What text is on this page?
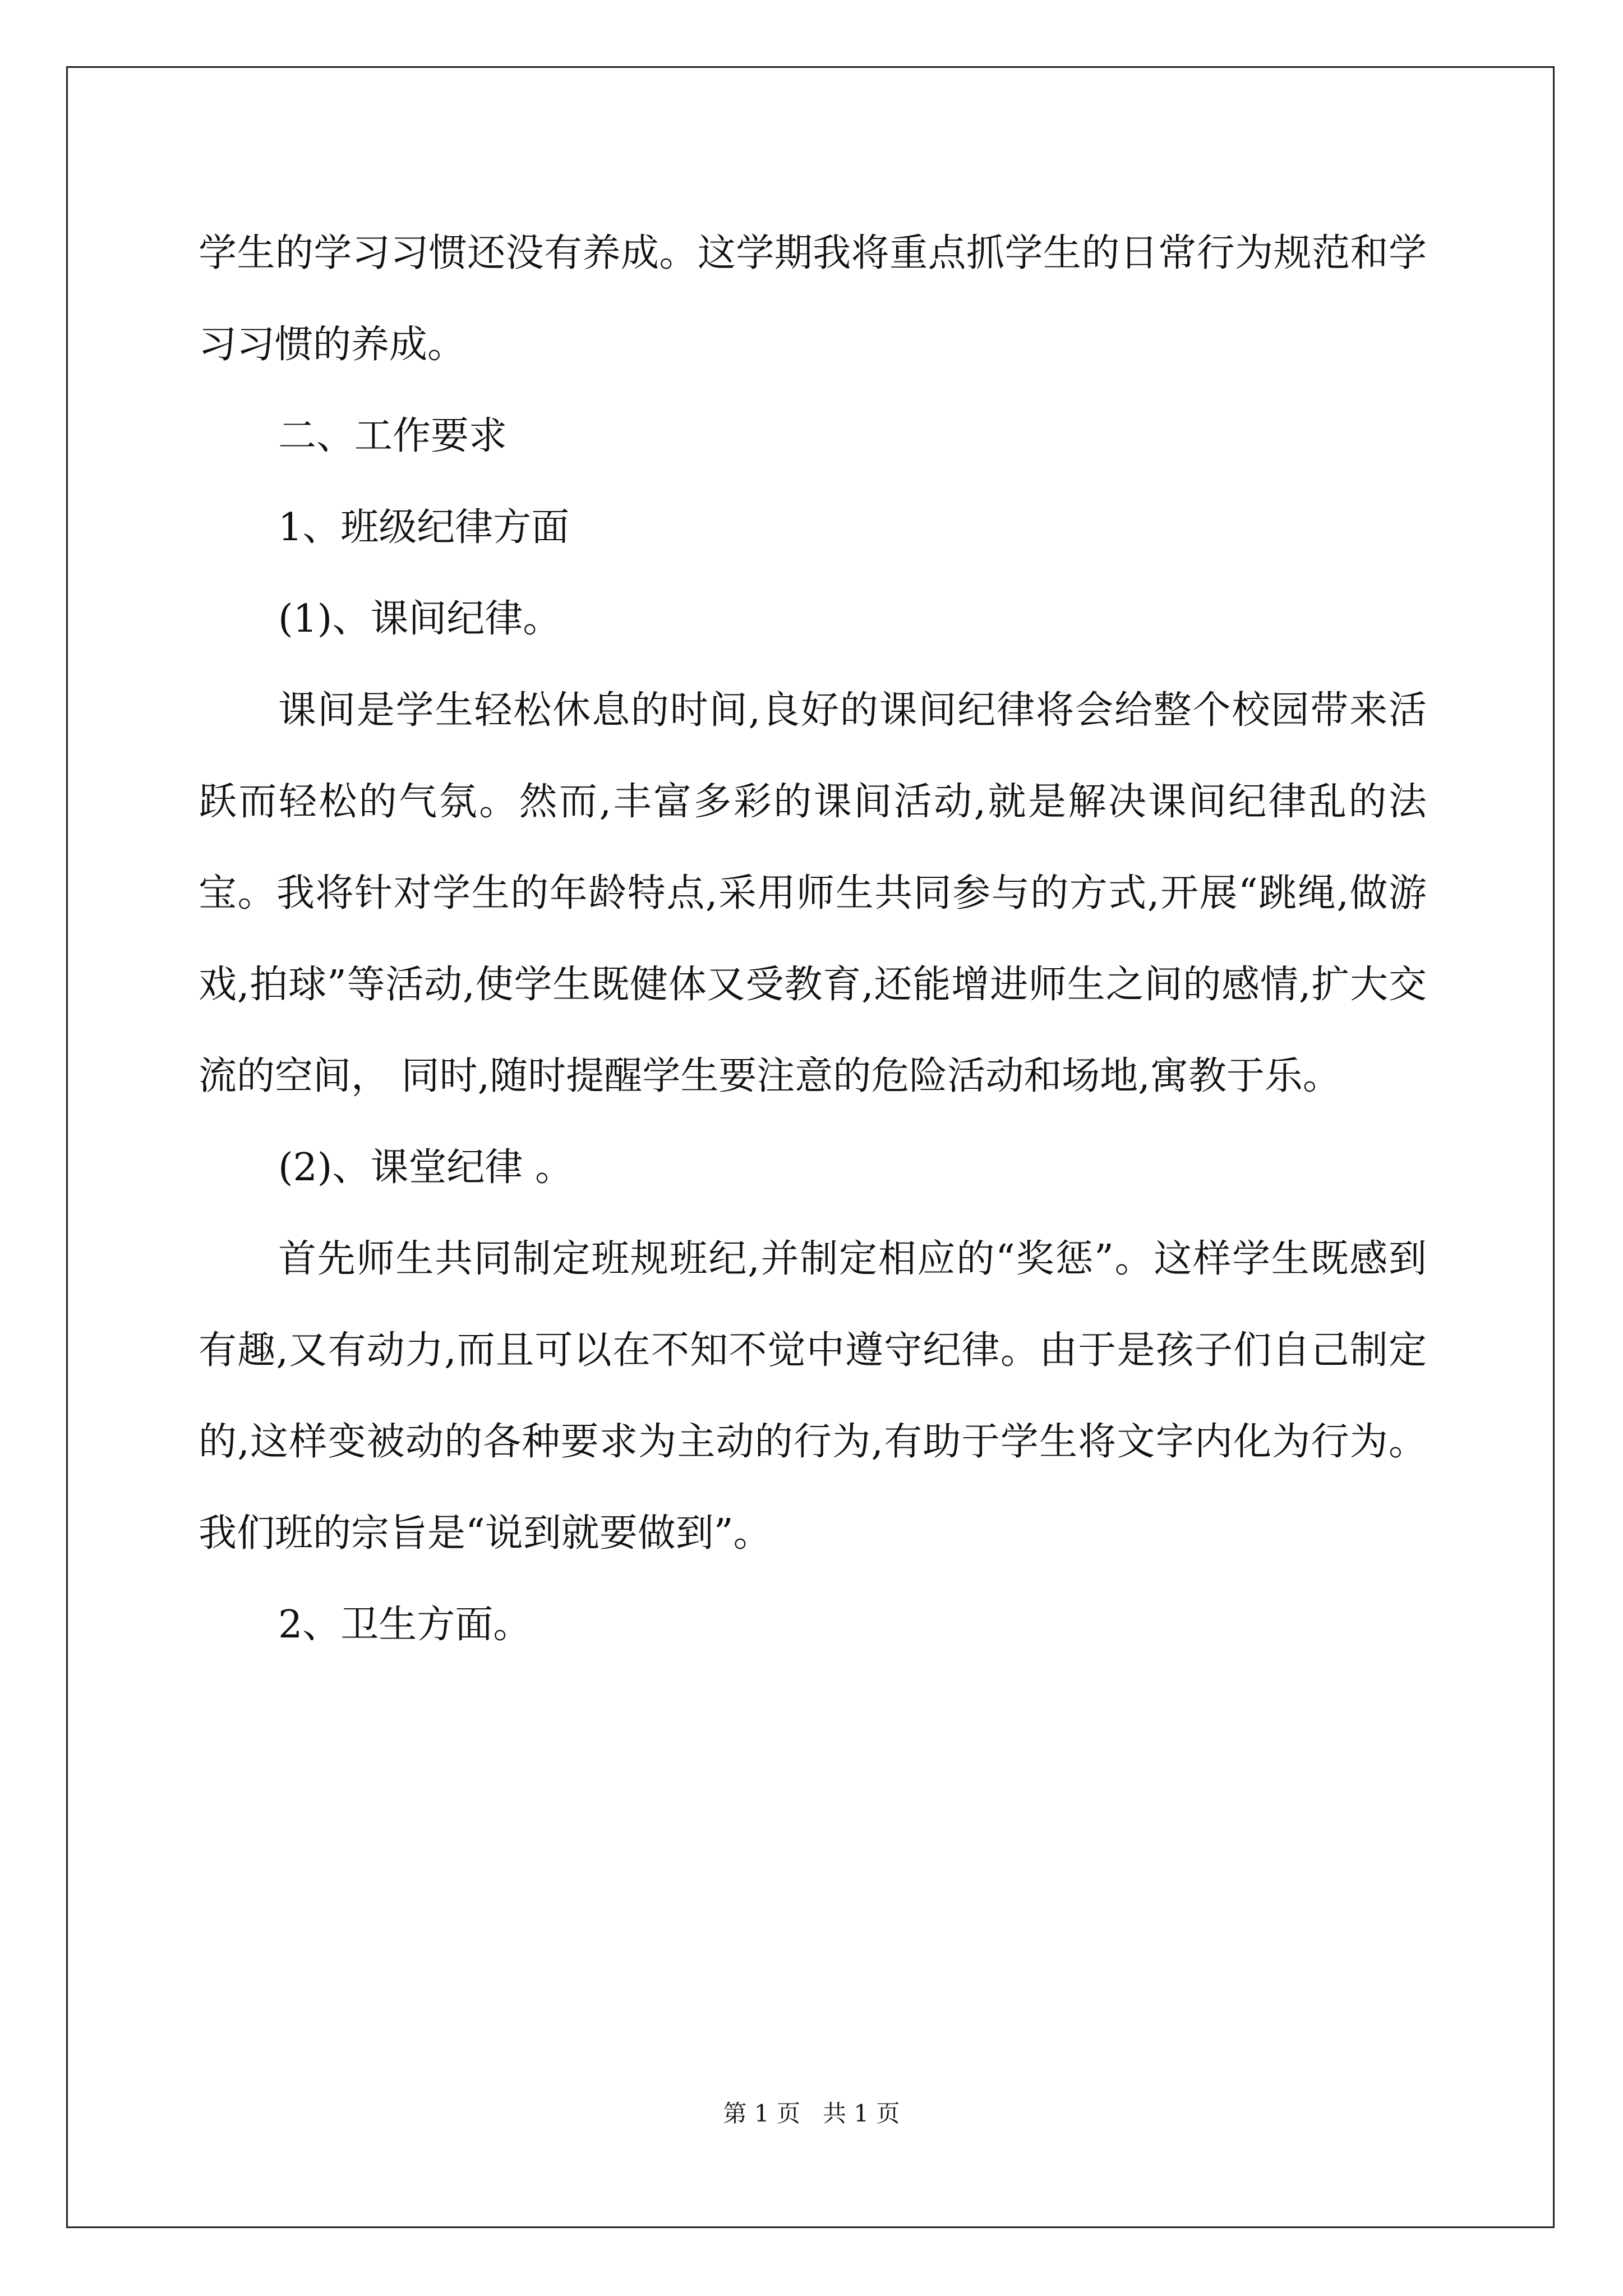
学生的学习习惯还没有养成。这学期我将重点抓学生的日常行为规范和学习习惯的养成。

二、工作要求

1、班级纪律方面

(1)、课间纪律。

课间是学生轻松休息的时间,良好的课间纪律将会给整个校园带来活跃而轻松的气氛。然而,丰富多彩的课间活动,就是解决课间纪律乱的法宝。我将针对学生的年龄特点,采用师生共同参与的方式,开展“跳绳,做游戏,拍球”等活动,使学生既健体又受教育,还能增进师生之间的感情,扩大交流的空间， 同时,随时提醒学生要注意的危险活动和场地,寓教于乐。

(2)、课堂纪律 。

首先师生共同制定班规班纪,并制定相应的“奖惩”。这样学生既感到有趣,又有动力,而且可以在不知不觉中遵守纪律。由于是孩子们自己制定的,这样变被动的各种要求为主动的行为,有助于学生将文字内化为行为。我们班的宗旨是“说到就要做到”。

2、卫生方面。

第 1 页   共 1 页
